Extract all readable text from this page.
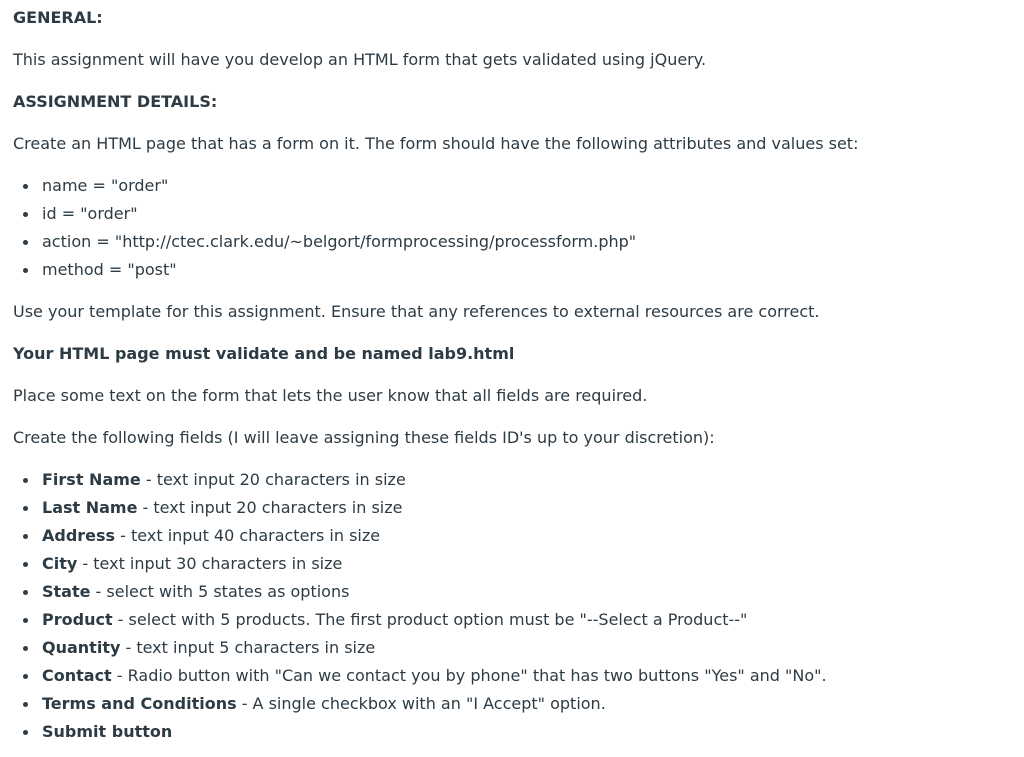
GENERAL:

This assignment will have you develop an HTML form that gets validated using jQuery.

ASSIGNMENT DETAILS:

Create an HTML page that has a form on it. The form should have the following attributes and values set:

name = "order"
id = "order"
action = "http://ctec.clark.edu/~belgort/formprocessing/processform.php"
method = "post"

Use your template for this assignment. Ensure that any references to external resources are correct.

Your HTML page must validate and be named lab9.html

Place some text on the form that lets the user know that all fields are required.

Create the following fields (I will leave assigning these fields ID's up to your discretion):

First Name - text input 20 characters in size
Last Name - text input 20 characters in size
Address - text input 40 characters in size
City - text input 30 characters in size
State - select with 5 states as options
Product - select with 5 products. The first product option must be "--Select a Product--"
Quantity - text input 5 characters in size
Contact - Radio button with "Can we contact you by phone" that has two buttons "Yes" and "No".
Terms and Conditions - A single checkbox with an "I Accept" option.
Submit button
